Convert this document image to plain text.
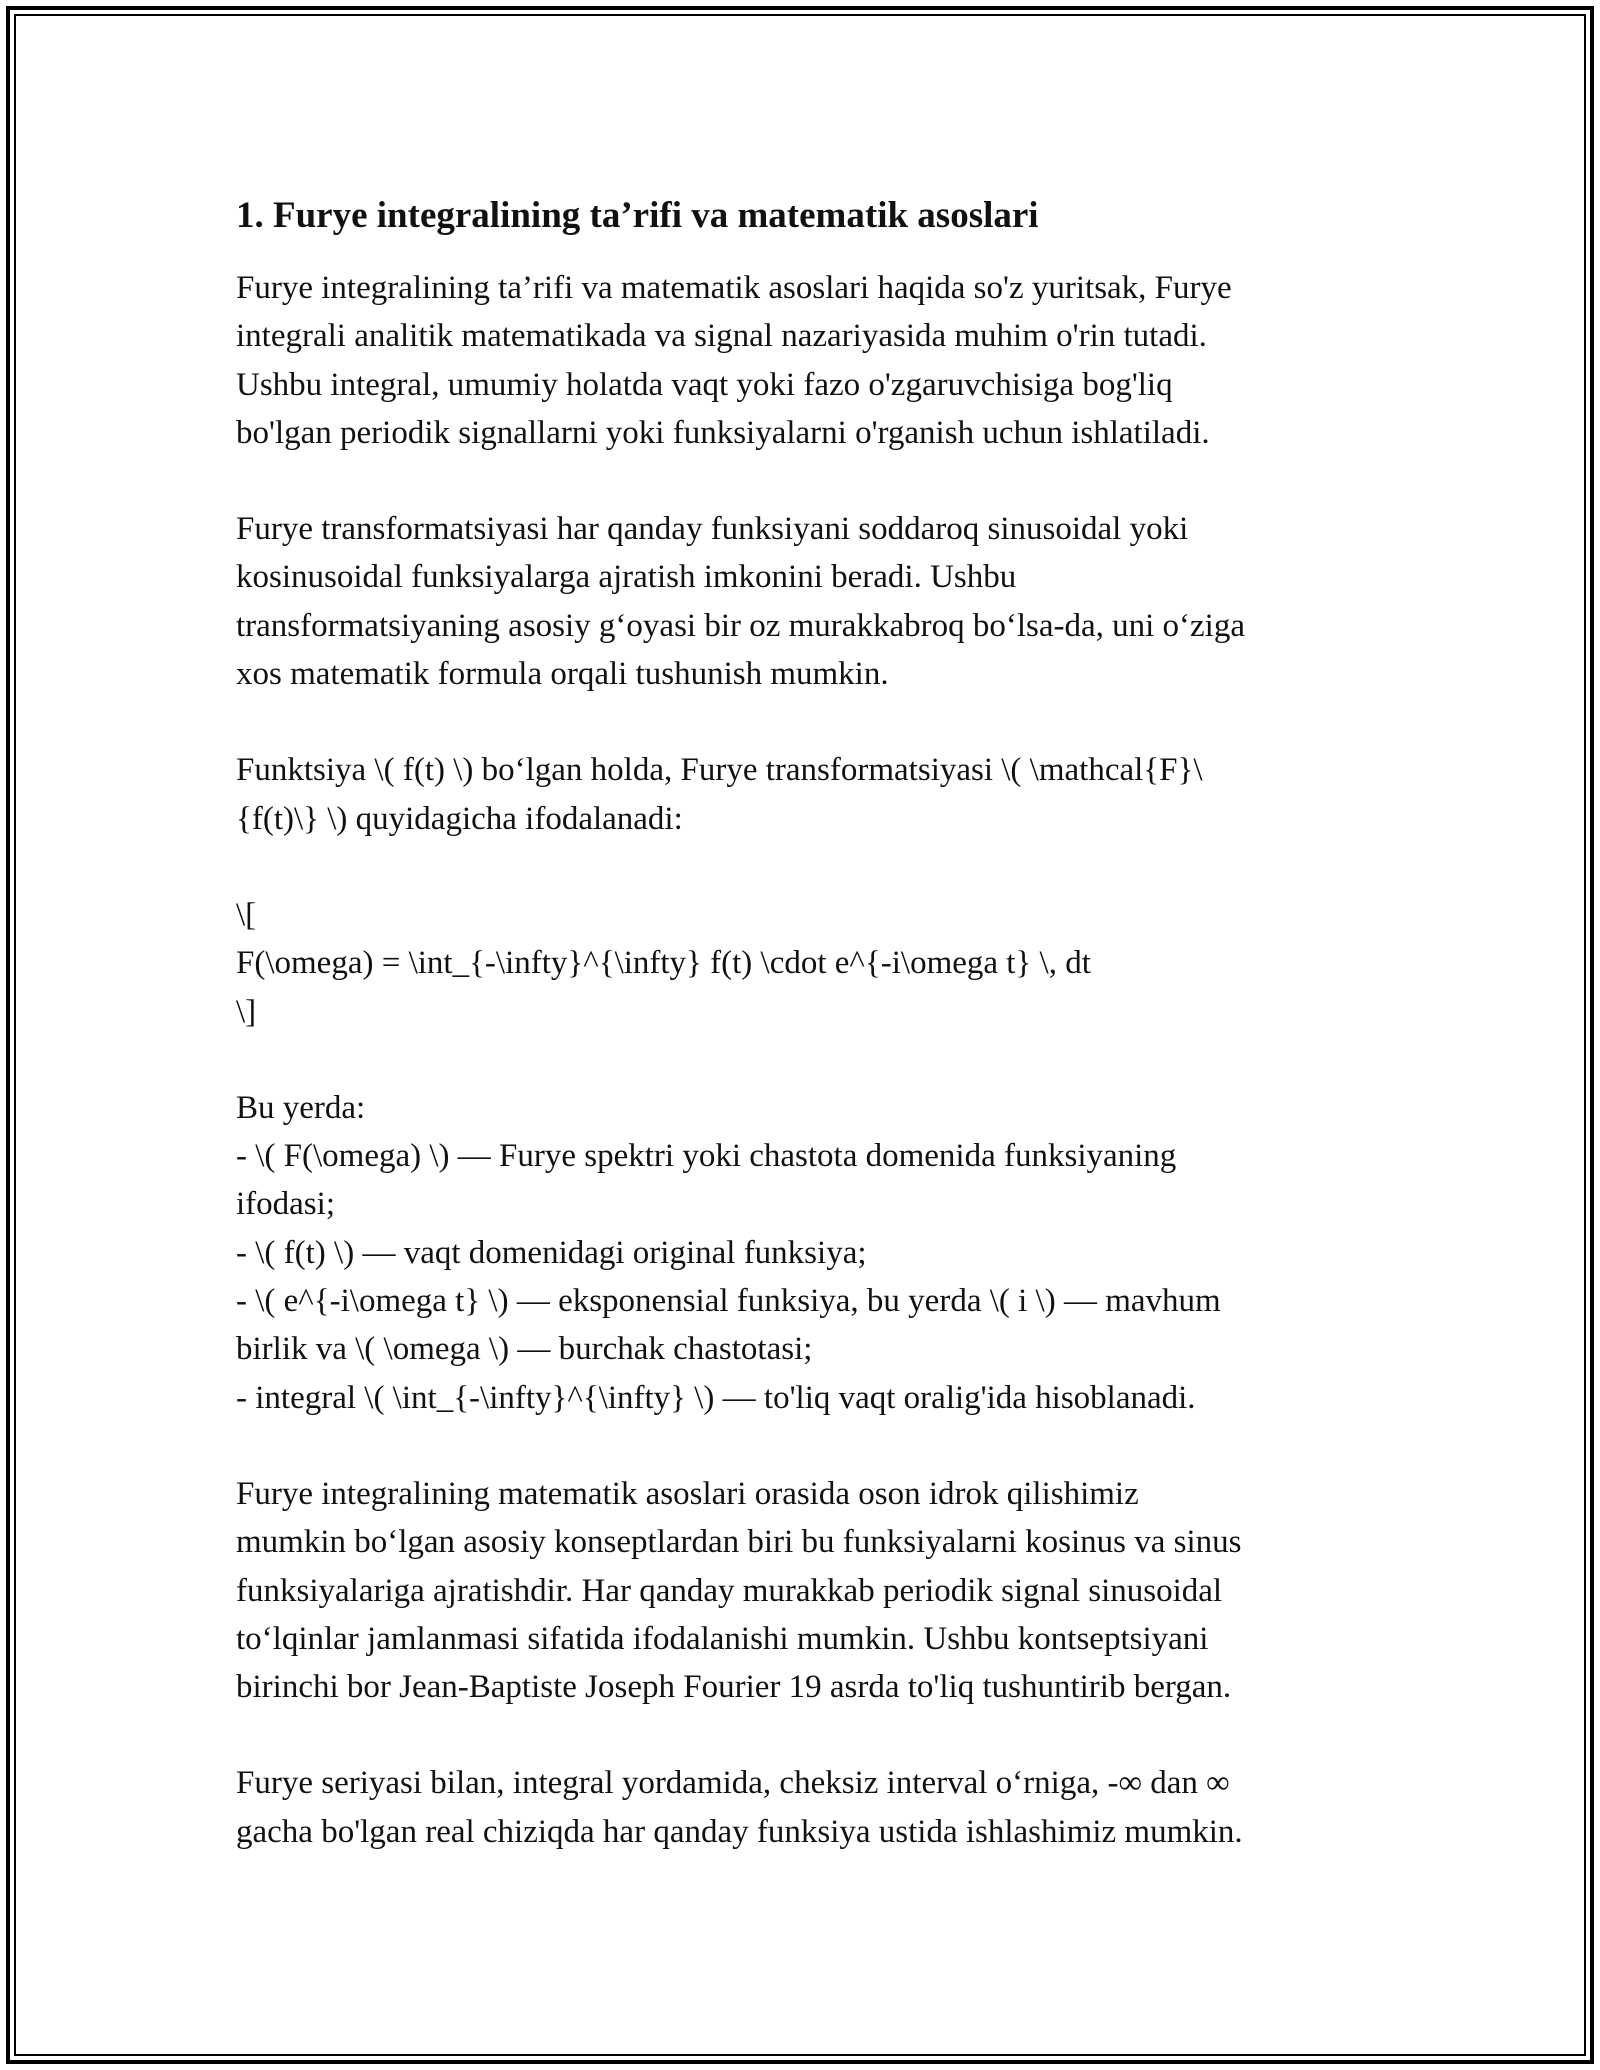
1. Furye integralining ta’rifi va matematik asoslari
Furye integralining ta’rifi va matematik asoslari haqida so'z yuritsak, Furye
integrali analitik matematikada va signal nazariyasida muhim o'rin tutadi.
Ushbu integral, umumiy holatda vaqt yoki fazo o'zgaruvchisiga bog'liq
bo'lgan periodik signallarni yoki funksiyalarni o'rganish uchun ishlatiladi.
Furye transformatsiyasi har qanday funksiyani soddaroq sinusoidal yoki
kosinusoidal funksiyalarga ajratish imkonini beradi. Ushbu
transformatsiyaning asosiy g‘oyasi bir oz murakkabroq bo‘lsa-da, uni o‘ziga
xos matematik formula orqali tushunish mumkin.
Funktsiya \( f(t) \) bo‘lgan holda, Furye transformatsiyasi \( \mathcal{F}\
{f(t)\} \) quyidagicha ifodalanadi:
\[
F(\omega) = \int_{-\infty}^{\infty} f(t) \cdot e^{-i\omega t} \, dt
\]
Bu yerda:
- \( F(\omega) \) — Furye spektri yoki chastota domenida funksiyaning
ifodasi;
- \( f(t) \) — vaqt domenidagi original funksiya;
- \( e^{-i\omega t} \) — eksponensial funksiya, bu yerda \( i \) — mavhum
birlik va \( \omega \) — burchak chastotasi;
- integral \( \int_{-\infty}^{\infty} \) — to'liq vaqt oralig'ida hisoblanadi.
Furye integralining matematik asoslari orasida oson idrok qilishimiz
mumkin bo‘lgan asosiy konseptlardan biri bu funksiyalarni kosinus va sinus
funksiyalariga ajratishdir. Har qanday murakkab periodik signal sinusoidal
to‘lqinlar jamlanmasi sifatida ifodalanishi mumkin. Ushbu kontseptsiyani
birinchi bor Jean-Baptiste Joseph Fourier 19 asrda to'liq tushuntirib bergan.
Furye seriyasi bilan, integral yordamida, cheksiz interval o‘rniga, -∞ dan ∞
gacha bo'lgan real chiziqda har qanday funksiya ustida ishlashimiz mumkin.
